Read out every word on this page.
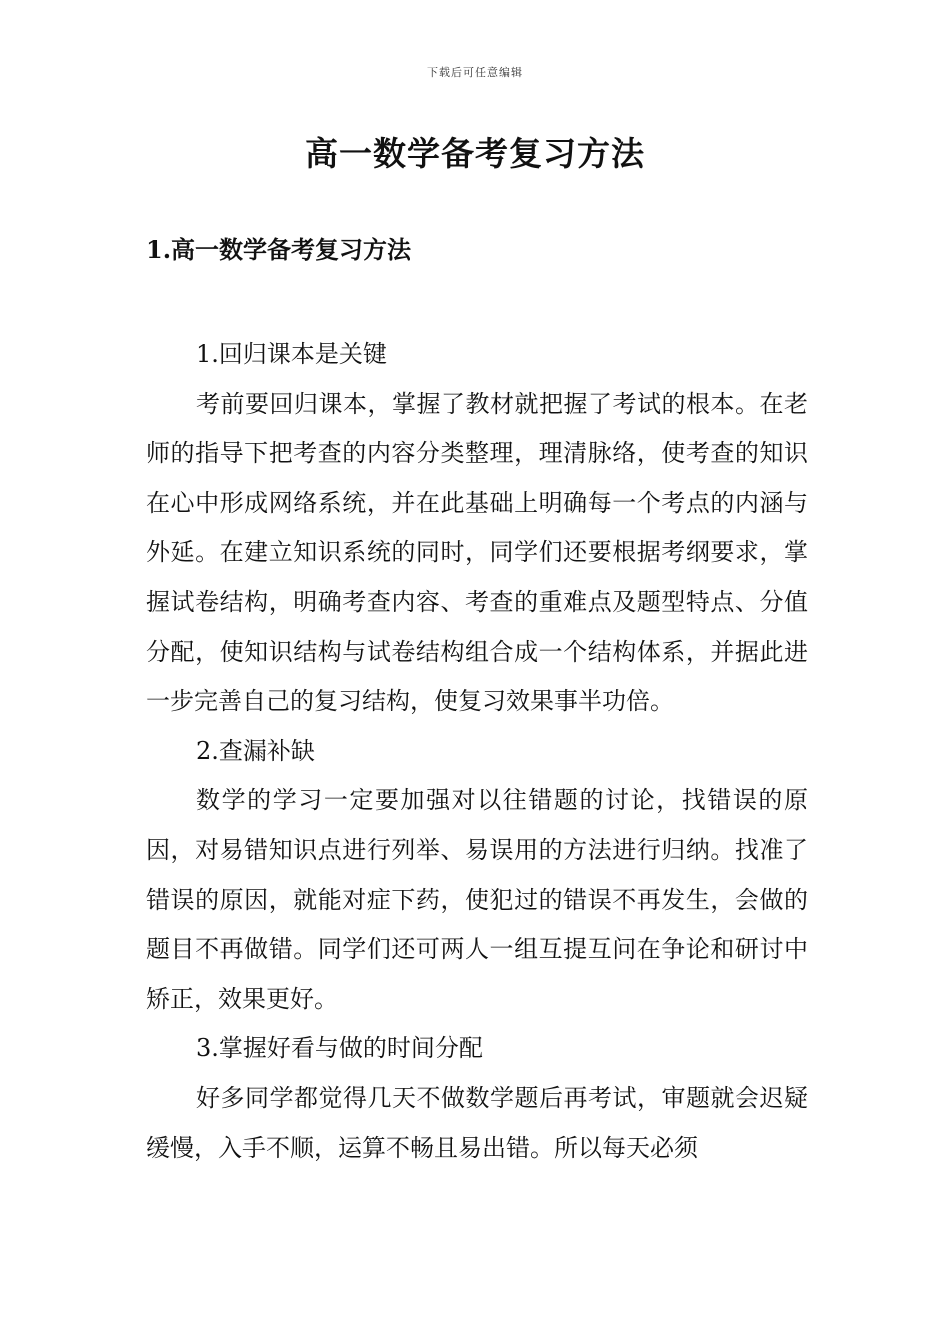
下载后可任意编辑
高一数学备考复习方法
1.高一数学备考复习方法

1.回归课本是关键

考前要回归课本，掌握了教材就把握了考试的根本。在老师的指导下把考查的内容分类整理，理清脉络，使考查的知识在心中形成网络系统，并在此基础上明确每一个考点的内涵与外延。在建立知识系统的同时，同学们还要根据考纲要求，掌握试卷结构，明确考查内容、考查的重难点及题型特点、分值分配，使知识结构与试卷结构组合成一个结构体系，并据此进一步完善自己的复习结构，使复习效果事半功倍。

2.查漏补缺

数学的学习一定要加强对以往错题的讨论，找错误的原因，对易错知识点进行列举、易误用的方法进行归纳。找准了错误的原因，就能对症下药，使犯过的错误不再发生，会做的题目不再做错。同学们还可两人一组互提互问在争论和研讨中矫正，效果更好。

3.掌握好看与做的时间分配

好多同学都觉得几天不做数学题后再考试，审题就会迟疑缓慢，入手不顺，运算不畅且易出错。所以每天必须
